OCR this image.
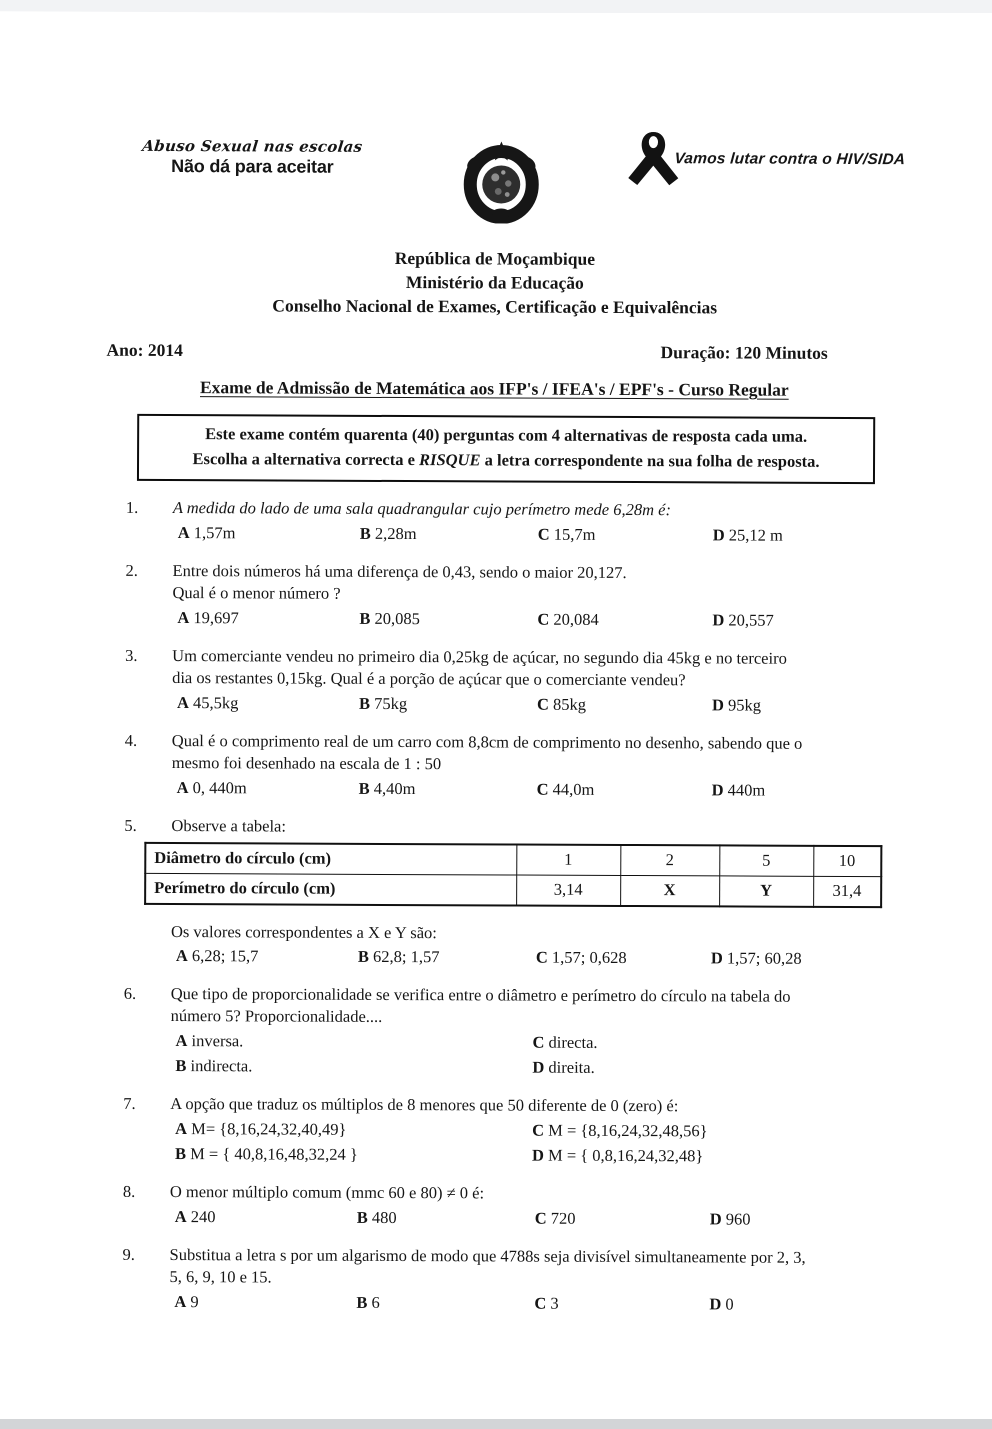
Abuso Sexual nas escolas
Não dá para aceitar	Vamos lutar contra o HIV/SIDA
República de Moçambique
Ministério da Educação
Conselho Nacional de Exames, Certificação e Equivalências
Ano: 2014	Duração: 120 Minutos
Exame de Admissão de Matemática aos IFP's / IFEA's / EPF's - Curso Regular
Este exame contém quarenta (40) perguntas com 4 alternativas de resposta cada uma.
Escolha a alternativa correcta e RISQUE a letra correspondente na sua folha de resposta.
1.	A medida do lado de uma sala quadrangular cujo perímetro mede 6,28m é:
A 1,57m	B 2,28m	C 15,7m	D 25,12 m
2.	Entre dois números há uma diferença de 0,43, sendo o maior 20,127.
Qual é o menor número ?
A 19,697	B 20,085	C 20,084	D 20,557
3.	Um comerciante vendeu no primeiro dia 0,25kg de açúcar, no segundo dia 45kg e no terceiro
dia os restantes 0,15kg. Qual é a porção de açúcar que o comerciante vendeu?
A 45,5kg	B 75kg	C 85kg	D 95kg
4.	Qual é o comprimento real de um carro com 8,8cm de comprimento no desenho, sabendo que o
mesmo foi desenhado na escala de 1 : 50
A 0, 440m	B 4,40m	C 44,0m	D 440m
5.	Observe a tabela:
Diâmetro do círculo (cm)	1	2	5	10
Perímetro do círculo (cm)	3,14	X	Y	31,4
Os valores correspondentes a X e Y são:
A 6,28; 15,7	B 62,8; 1,57	C 1,57; 0,628	D 1,57; 60,28
6.	Que tipo de proporcionalidade se verifica entre o diâmetro e perímetro do círculo na tabela do
número 5? Proporcionalidade....
A inversa.
B indirecta.
C directa.
D direita.
7.	A opção que traduz os múltiplos de 8 menores que 50 diferente de 0 (zero) é:
A M= {8,16,24,32,40,49}
B M = { 40,8,16,48,32,24 }
C M = {8,16,24,32,48,56}
D M = { 0,8,16,24,32,48}
8.	O menor múltiplo comum (mmc 60 e 80) ≠ 0 é:
A 240	B 480	C 720	D 960
9.	Substitua a letra s por um algarismo de modo que 4788s seja divisível simultaneamente por 2, 3,
5, 6, 9, 10 e 15.
A 9	B 6	C 3	D 0
